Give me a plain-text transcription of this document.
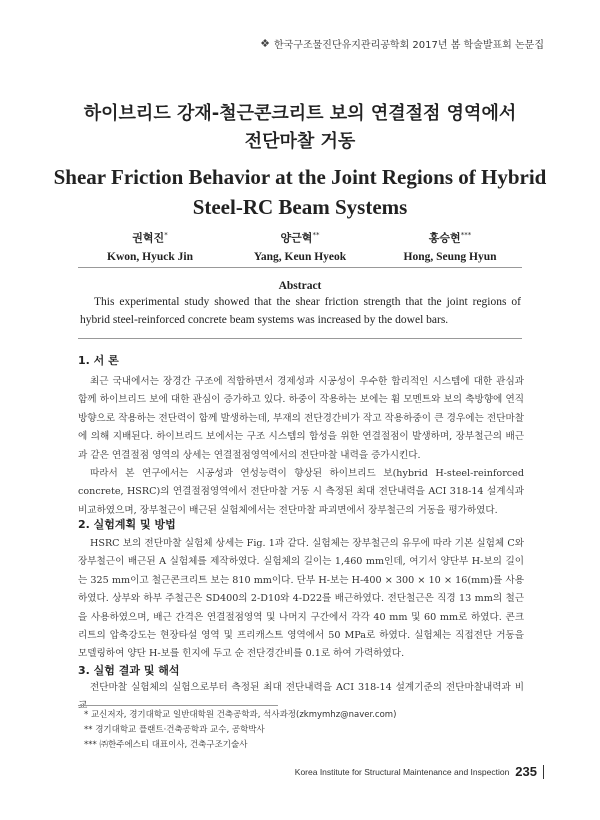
❖ 한국구조물진단유지관리공학회 2017년 봄 학술발표회 논문집
하이브리드 강재-철근콘크리트 보의 연결절점 영역에서
전단마찰 거동
Shear Friction Behavior at the Joint Regions of Hybrid
Steel-RC Beam Systems
권혁진*
Kwon, Hyuck Jin
양근혁**
Yang, Keun Hyeok
홍승현***
Hong, Seung Hyun
Abstract
This experimental study showed that the shear friction strength that the joint regions of hybrid steel-reinforced concrete beam systems was increased by the dowel bars.
1. 서 론

최근 국내에서는 장경간 구조에 적합하면서 경제성과 시공성이 우수한 합리적인 시스템에 대한 관심과 함께 하이브리드 보에 대한 관심이 증가하고 있다. 하중이 작용하는 보에는 휨 모멘트와 보의 축방향에 연직방향으로 작용하는 전단력이 함께 발생하는데, 부재의 전단경간비가 작고 작용하중이 큰 경우에는 전단마찰에 의해 지배된다. 하이브리드 보에서는 구조 시스템의 합성을 위한 연결절점이 발생하며, 장부철근의 배근과 같은 연결절점 영역의 상세는 연결절점영역에서의 전단마찰 내력을 증가시킨다.

따라서 본 연구에서는 시공성과 연성능력이 향상된 하이브리드 보(hybrid H-steel-reinforced concrete, HSRC)의 연결절점영역에서 전단마찰 거동 시 측정된 최대 전단내력을 ACI 318-14 설계식과 비교하였으며, 장부철근이 배근된 실험체에서는 전단마찰 파괴면에서 장부철근의 거동을 평가하였다.

2. 실험계획 및 방법

HSRC 보의 전단마찰 실험체 상세는 Fig. 1과 같다. 실험체는 장부철근의 유무에 따라 기본 실험체 C와 장부철근이 배근된 A 실험체를 제작하였다. 실험체의 길이는 1,460 mm인데, 여기서 양단부 H-보의 길이는 325 mm이고 철근콘크리트 보는 810 mm이다. 단부 H-보는 H-400 × 300 × 10 × 16(mm)를 사용하였다. 상부와 하부 주철근은 SD400의 2-D10와 4-D22를 배근하였다. 전단철근은 직경 13 mm의 철근을 사용하였으며, 배근 간격은 연결절점영역 및 나머지 구간에서 각각 40 mm 및 60 mm로 하였다. 콘크리트의 압축강도는 현장타설 영역 및 프리캐스트 영역에서 50 MPa로 하였다. 실험체는 직접전단 거동을 모델링하여 양단 H-보를 힌지에 두고 순 전단경간비를 0.1로 하여 가력하였다.

3. 실험 결과 및 해석

전단마찰 실험체의 실험으로부터 측정된 최대 전단내력을 ACI 318-14 설계기준의 전단마찰내력과 비교

* 교신저자, 경기대학교 일반대학원 건축공학과, 석사과정(zkmymhz@naver.com)
** 경기대학교 플랜트·건축공학과 교수, 공학박사
*** ㈜한주에스티 대표이사, 건축구조기술사
Korea Institute for Structural Maintenance and Inspection 235
